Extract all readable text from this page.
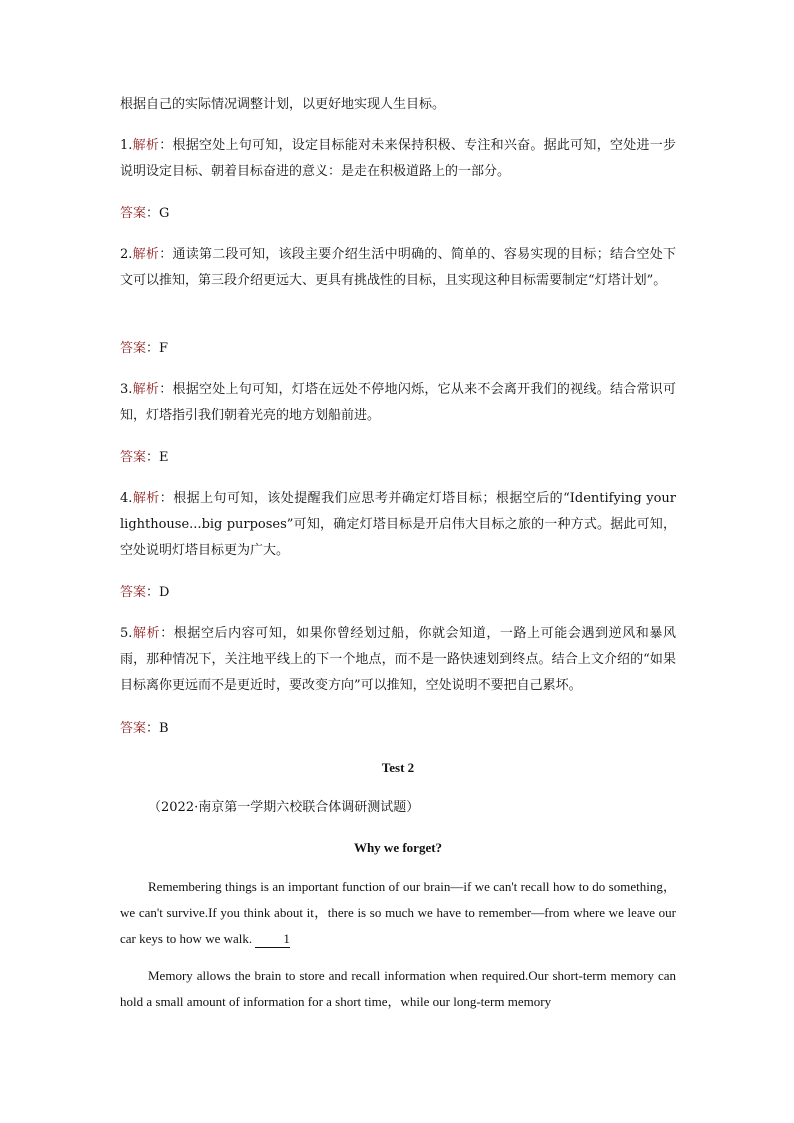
根据自己的实际情况调整计划，以更好地实现人生目标。

1.解析：根据空处上句可知，设定目标能对未来保持积极、专注和兴奋。据此可知，空处进一步说明设定目标、朝着目标奋进的意义：是走在积极道路上的一部分。

答案：G

2.解析：通读第二段可知，该段主要介绍生活中明确的、简单的、容易实现的目标；结合空处下文可以推知，第三段介绍更远大、更具有挑战性的目标，且实现这种目标需要制定“灯塔计划”。

答案：F

3.解析：根据空处上句可知，灯塔在远处不停地闪烁，它从来不会离开我们的视线。结合常识可知，灯塔指引我们朝着光亮的地方划船前进。

答案：E

4.解析：根据上句可知，该处提醒我们应思考并确定灯塔目标；根据空后的“Identifying your lighthouse...big purposes”可知，确定灯塔目标是开启伟大目标之旅的一种方式。据此可知，空处说明灯塔目标更为广大。

答案：D

5.解析：根据空后内容可知，如果你曾经划过船，你就会知道，一路上可能会遇到逆风和暴风雨，那种情况下，关注地平线上的下一个地点，而不是一路快速划到终点。结合上文介绍的“如果目标离你更远而不是更近时，要改变方向”可以推知，空处说明不要把自己累坏。

答案：B

Test 2

（2022·南京第一学期六校联合体调研测试题）

Why we forget?

Remembering things is an important function of our brain—if we can't recall how to do something，we can't survive.If you think about it，there is so much we have to remember—from where we leave our car keys to how we walk. 1

Memory allows the brain to store and recall information when required.Our short-term memory can hold a small amount of information for a short time，while our long-term memory
